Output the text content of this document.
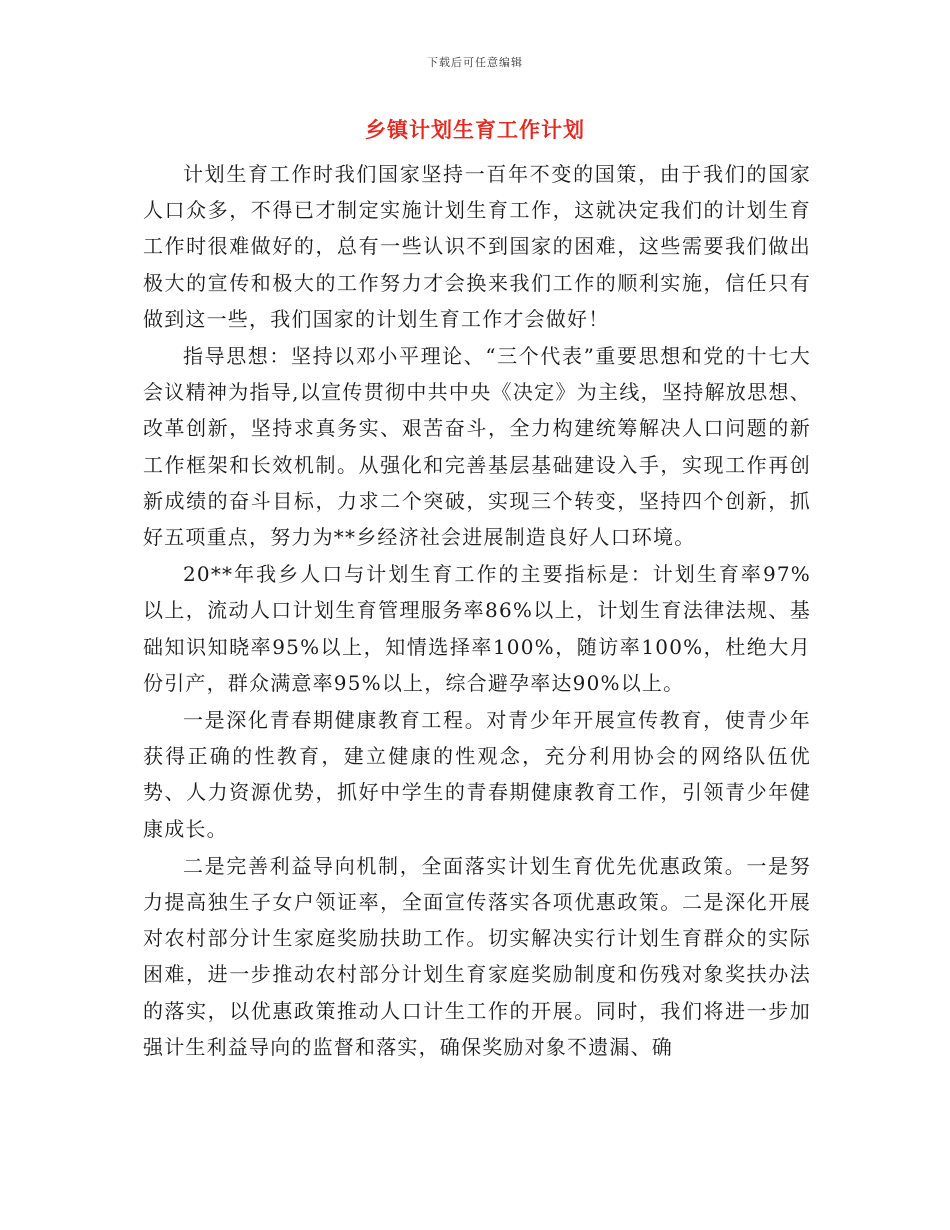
下载后可任意编辑
乡镇计划生育工作计划

计划生育工作时我们国家坚持一百年不变的国策，由于我们的国家人口众多，不得已才制定实施计划生育工作，这就决定我们的计划生育工作时很难做好的，总有一些认识不到国家的困难，这些需要我们做出极大的宣传和极大的工作努力才会换来我们工作的顺利实施，信任只有做到这一些，我们国家的计划生育工作才会做好！

指导思想：坚持以邓小平理论、“三个代表”重要思想和党的十七大会议精神为指导,以宣传贯彻中共中央《决定》为主线，坚持解放思想、改革创新，坚持求真务实、艰苦奋斗，全力构建统筹解决人口问题的新工作框架和长效机制。从强化和完善基层基础建设入手，实现工作再创新成绩的奋斗目标，力求二个突破，实现三个转变，坚持四个创新，抓好五项重点，努力为**乡经济社会进展制造良好人口环境。

20**年我乡人口与计划生育工作的主要指标是：计划生育率97%以上，流动人口计划生育管理服务率86%以上，计划生育法律法规、基础知识知晓率95%以上，知情选择率100%，随访率100%，杜绝大月份引产，群众满意率95%以上，综合避孕率达90%以上。

一是深化青春期健康教育工程。对青少年开展宣传教育，使青少年获得正确的性教育，建立健康的性观念，充分利用协会的网络队伍优势、人力资源优势，抓好中学生的青春期健康教育工作，引领青少年健康成长。

二是完善利益导向机制，全面落实计划生育优先优惠政策。一是努力提高独生子女户领证率，全面宣传落实各项优惠政策。二是深化开展对农村部分计生家庭奖励扶助工作。切实解决实行计划生育群众的实际困难，进一步推动农村部分计划生育家庭奖励制度和伤残对象奖扶办法的落实，以优惠政策推动人口计生工作的开展。同时，我们将进一步加强计生利益导向的监督和落实，确保奖励对象不遗漏、确
